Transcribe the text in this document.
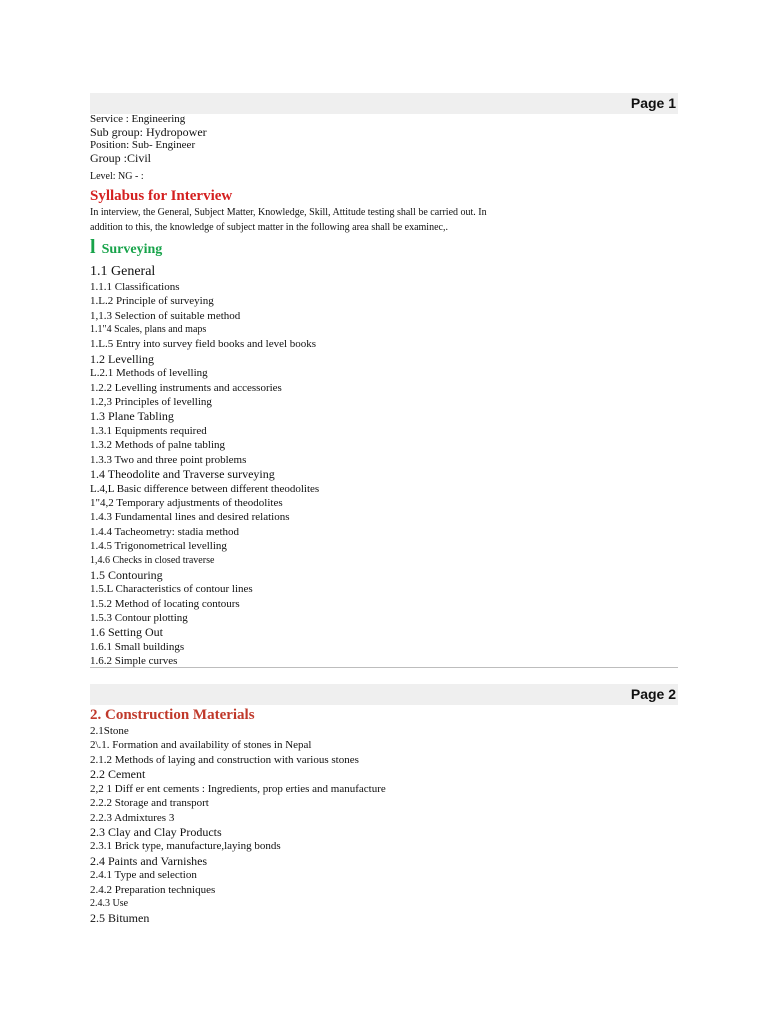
Page 1
Service : Engineering
Sub group: Hydropower
Position: Sub- Engineer
Group :Civil
Level: NG - :
Syllabus for Interview
In interview, the General, Subject Matter, Knowledge, Skill, Attitude testing shall be carried out. In
addition to this, the knowledge of subject matter in the following area shall be examinec,.
l Surveying
1.1 General
1.1.1 Classifications
1.L.2 Principle of surveying
1,1.3 Selection of suitable method
1.1"4 Scales, plans and maps
1.L.5 Entry into survey field books and level books
1.2 Levelling
L.2.1 Methods of levelling
1.2.2 Levelling instruments and accessories
1.2,3 Principles of levelling
1.3 Plane Tabling
1.3.1 Equipments required
1.3.2 Methods of palne tabling
1.3.3 Two and three point problems
1.4 Theodolite and Traverse surveying
L.4,L Basic difference between different theodolites
1"4,2 Temporary adjustments of theodolites
1.4.3 Fundamental lines and desired relations
1.4.4 Tacheometry: stadia method
1.4.5 Trigonometrical levelling
1,4.6 Checks in closed traverse
1.5 Contouring
1.5.L Characteristics of contour lines
1.5.2 Method of locating contours
1.5.3 Contour plotting
1.6 Setting Out
1.6.1 Small buildings
1.6.2 Simple curves
Page 2
2. Construction Materials
2.1Stone
2\.1. Formation and availability of stones in Nepal
2.1.2 Methods of laying and construction with various stones
2.2 Cement
2,2 1 Diff er ent cements : Ingredients, prop erties and manufacture
2.2.2 Storage and transport
2.2.3 Admixtures 3
2.3 Clay and Clay Products
2.3.1 Brick type, manufacture,laying bonds
2.4 Paints and Varnishes
2.4.1 Type and selection
2.4.2 Preparation techniques
2.4.3 Use
2.5 Bitumen
